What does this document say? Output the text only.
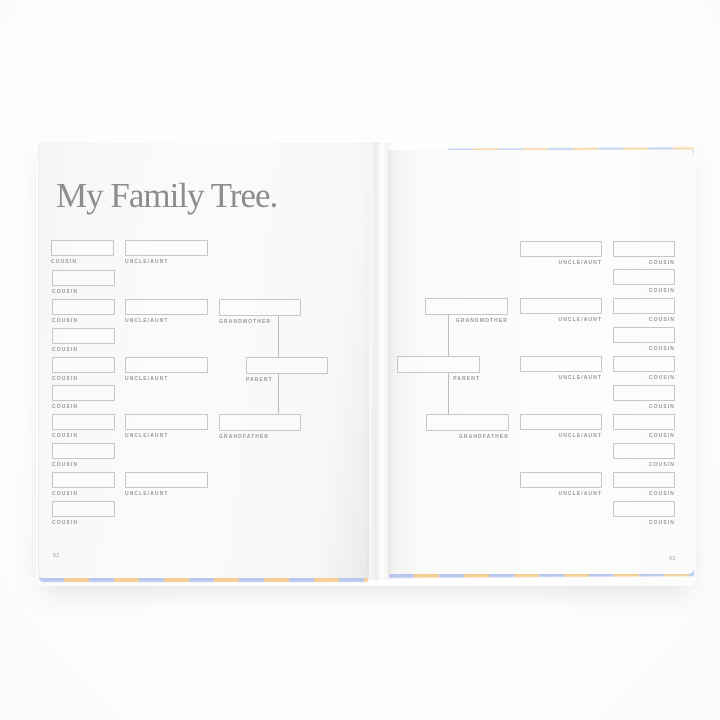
My Family Tree.
COUSIN
COUSIN
COUSIN
COUSIN
COUSIN
COUSIN
COUSIN
COUSIN
COUSIN
COUSIN
UNCLE/AUNT
UNCLE/AUNT
UNCLE/AUNT
UNCLE/AUNT
UNCLE/AUNT
GRANDMOTHER
PARENT
GRANDFATHER
92
UNCLE/AUNT
UNCLE/AUNT
UNCLE/AUNT
UNCLE/AUNT
UNCLE/AUNT
COUSIN
COUSIN
COUSIN
COUSIN
COUSIN
COUSIN
COUSIN
COUSIN
COUSIN
COUSIN
GRANDMOTHER
PARENT
GRANDFATHER
93
